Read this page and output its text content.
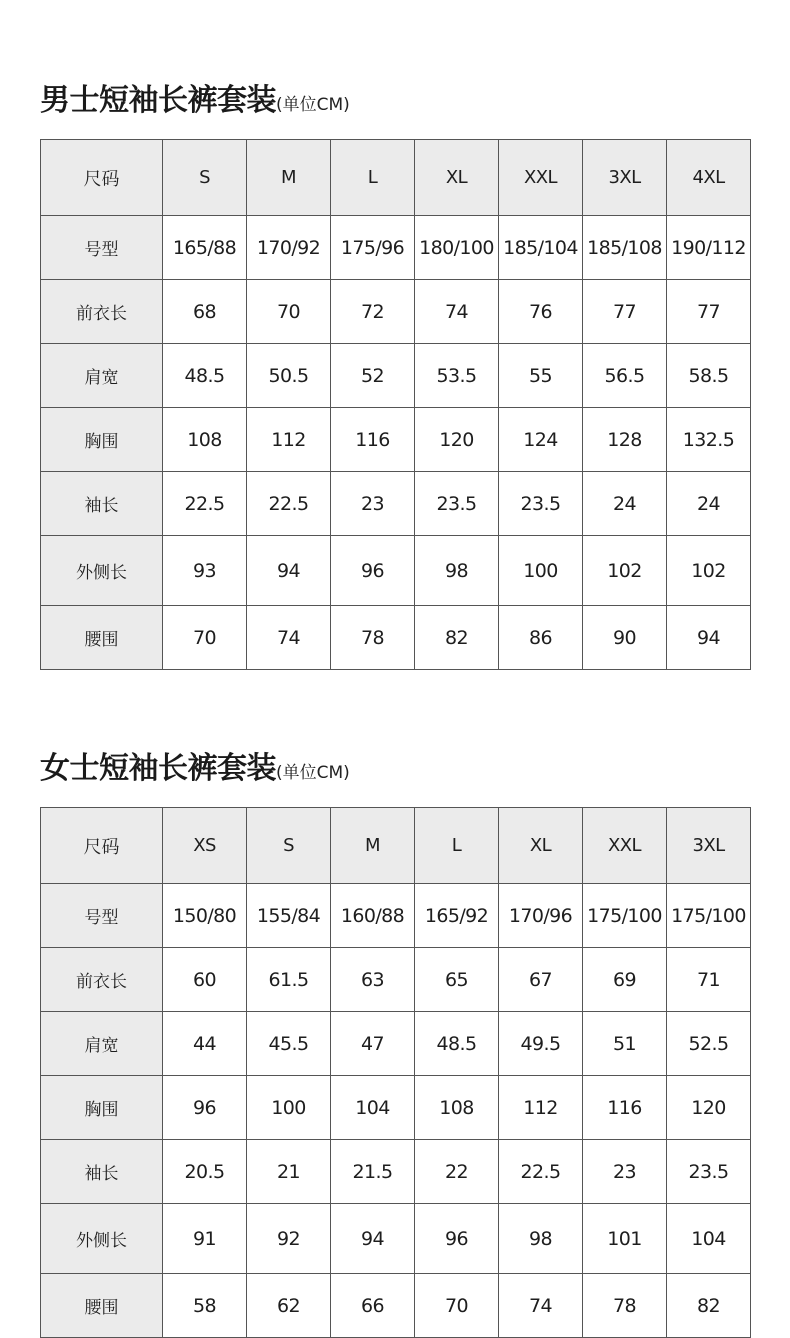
男士短袖长裤套装(单位CM)
尺码	S	M	L	XL	XXL	3XL	4XL
号型	165/88	170/92	175/96	180/100	185/104	185/108	190/112
前衣长	68	70	72	74	76	77	77
肩宽	48.5	50.5	52	53.5	55	56.5	58.5
胸围	108	112	116	120	124	128	132.5
袖长	22.5	22.5	23	23.5	23.5	24	24
外侧长	93	94	96	98	100	102	102
腰围	70	74	78	82	86	90	94
女士短袖长裤套装(单位CM)
尺码	XS	S	M	L	XL	XXL	3XL
号型	150/80	155/84	160/88	165/92	170/96	175/100	175/100
前衣长	60	61.5	63	65	67	69	71
肩宽	44	45.5	47	48.5	49.5	51	52.5
胸围	96	100	104	108	112	116	120
袖长	20.5	21	21.5	22	22.5	23	23.5
外侧长	91	92	94	96	98	101	104
腰围	58	62	66	70	74	78	82
